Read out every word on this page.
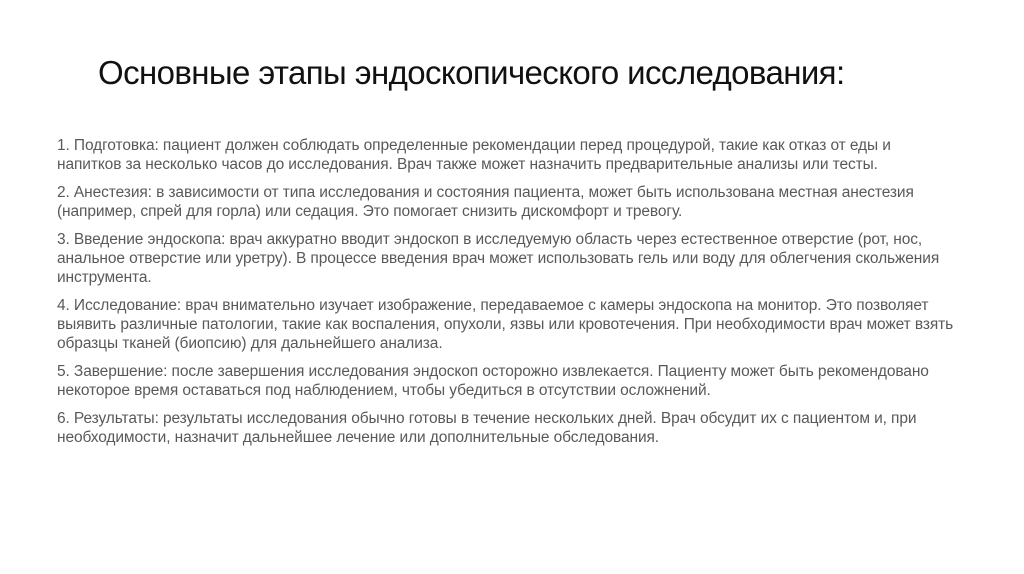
Основные этапы эндоскопического исследования:

1. Подготовка: пациент должен соблюдать определенные рекомендации перед процедурой, такие как отказ от еды и напитков за несколько часов до исследования. Врач также может назначить предварительные анализы или тесты.

2. Анестезия: в зависимости от типа исследования и состояния пациента, может быть использована местная анестезия (например, спрей для горла) или седация. Это помогает снизить дискомфорт и тревогу.

3. Введение эндоскопа: врач аккуратно вводит эндоскоп в исследуемую область через естественное отверстие (рот, нос, анальное отверстие или уретру). В процессе введения врач может использовать гель или воду для облегчения скольжения инструмента.

4. Исследование: врач внимательно изучает изображение, передаваемое с камеры эндоскопа на монитор. Это позволяет выявить различные патологии, такие как воспаления, опухоли, язвы или кровотечения. При необходимости врач может взять образцы тканей (биопсию) для дальнейшего анализа.

5. Завершение: после завершения исследования эндоскоп осторожно извлекается. Пациенту может быть рекомендовано некоторое время оставаться под наблюдением, чтобы убедиться в отсутствии осложнений.

6. Результаты: результаты исследования обычно готовы в течение нескольких дней. Врач обсудит их с пациентом и, при необходимости, назначит дальнейшее лечение или дополнительные обследования.
